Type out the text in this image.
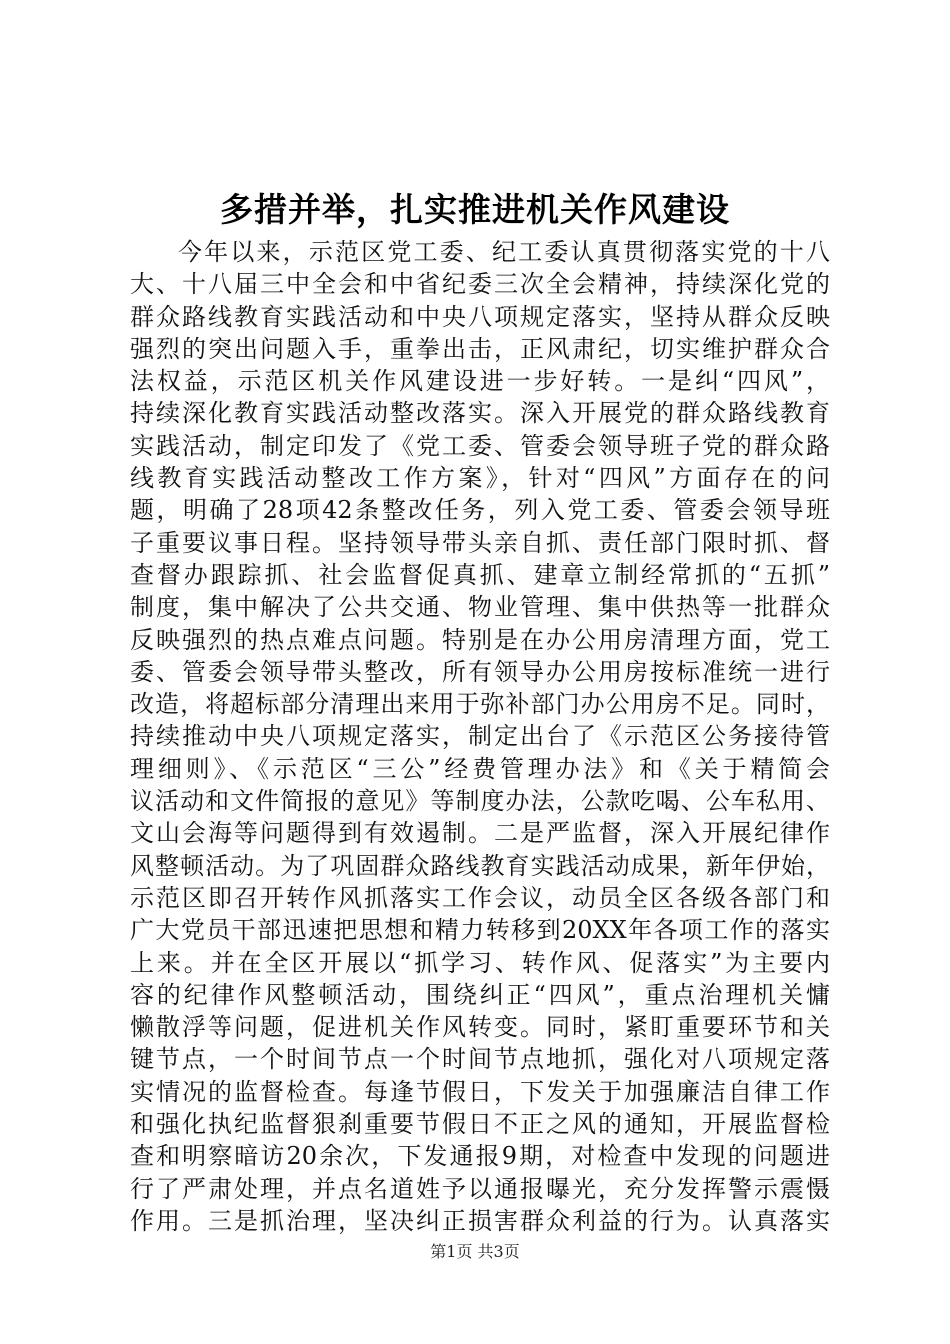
多措并举，扎实推进机关作风建设
今年以来，示范区党工委、纪工委认真贯彻落实党的十八
大、十八届三中全会和中省纪委三次全会精神，持续深化党的
群众路线教育实践活动和中央八项规定落实，坚持从群众反映
强烈的突出问题入手，重拳出击，正风肃纪，切实维护群众合
法权益，示范区机关作风建设进一步好转。一是纠“四风”，
持续深化教育实践活动整改落实。深入开展党的群众路线教育
实践活动，制定印发了《党工委、管委会领导班子党的群众路
线教育实践活动整改工作方案》，针对“四风”方面存在的问
题，明确了28项42条整改任务，列入党工委、管委会领导班
子重要议事日程。坚持领导带头亲自抓、责任部门限时抓、督
查督办跟踪抓、社会监督促真抓、建章立制经常抓的“五抓”
制度，集中解决了公共交通、物业管理、集中供热等一批群众
反映强烈的热点难点问题。特别是在办公用房清理方面，党工
委、管委会领导带头整改，所有领导办公用房按标准统一进行
改造，将超标部分清理出来用于弥补部门办公用房不足。同时，
持续推动中央八项规定落实，制定出台了《示范区公务接待管
理细则》、《示范区“三公”经费管理办法》和《关于精简会
议活动和文件简报的意见》等制度办法，公款吃喝、公车私用、
文山会海等问题得到有效遏制。二是严监督，深入开展纪律作
风整顿活动。为了巩固群众路线教育实践活动成果，新年伊始，
示范区即召开转作风抓落实工作会议，动员全区各级各部门和
广大党员干部迅速把思想和精力转移到20XX年各项工作的落实
上来。并在全区开展以“抓学习、转作风、促落实”为主要内
容的纪律作风整顿活动，围绕纠正“四风”，重点治理机关慵
懒散浮等问题，促进机关作风转变。同时，紧盯重要环节和关
键节点，一个时间节点一个时间节点地抓，强化对八项规定落
实情况的监督检查。每逢节假日，下发关于加强廉洁自律工作
和强化执纪监督狠刹重要节假日不正之风的通知，开展监督检
查和明察暗访20余次，下发通报9期，对检查中发现的问题进
行了严肃处理，并点名道姓予以通报曝光，充分发挥警示震慑
作用。三是抓治理，坚决纠正损害群众利益的行为。认真落实
第1页 共3页
